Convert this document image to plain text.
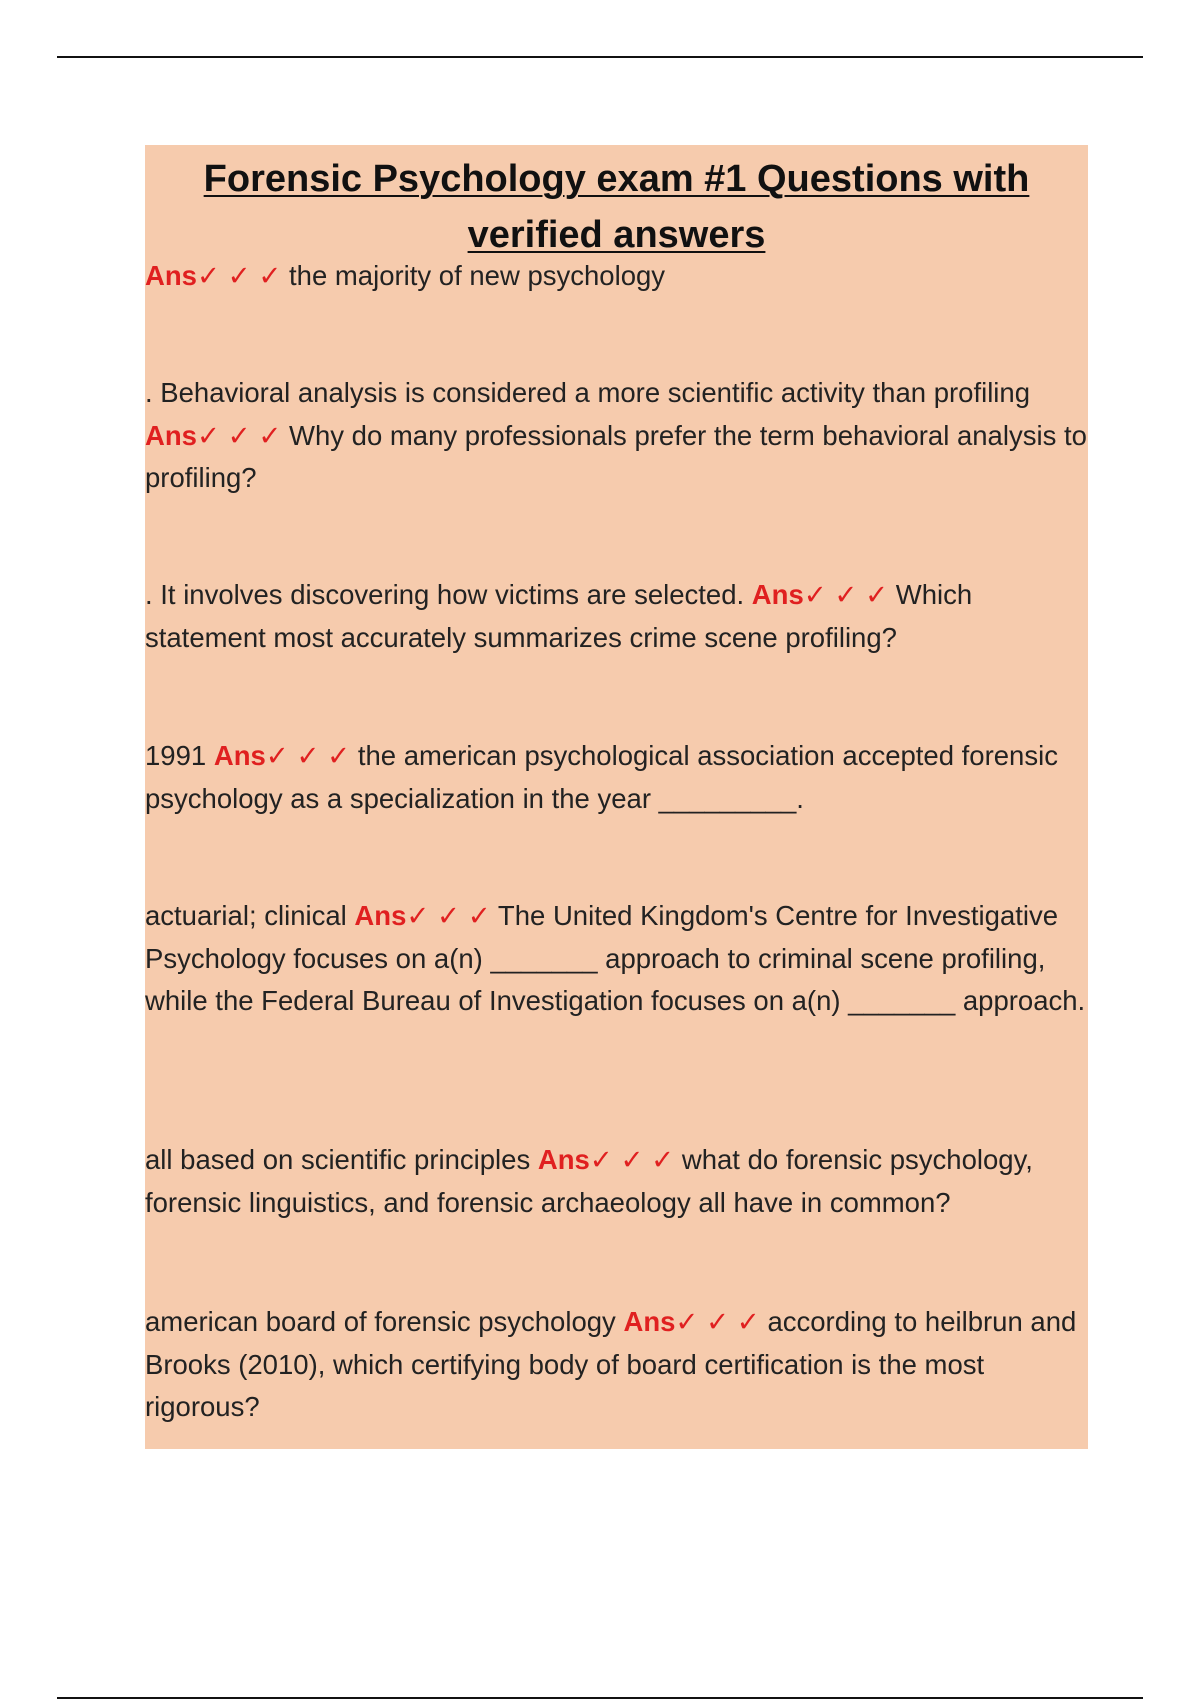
Forensic Psychology exam #1 Questions with
verified answers

Ans✓ ✓ ✓ the majority of new psychology

. Behavioral analysis is considered a more scientific activity than profiling Ans✓ ✓ ✓ Why do many professionals prefer the term behavioral analysis to profiling?

. It involves discovering how victims are selected. Ans✓ ✓ ✓ Which statement most accurately summarizes crime scene profiling?

1991 Ans✓ ✓ ✓ the american psychological association accepted forensic psychology as a specialization in the year _________.

actuarial; clinical Ans✓ ✓ ✓ The United Kingdom's Centre for Investigative Psychology focuses on a(n) _______ approach to criminal scene profiling, while the Federal Bureau of Investigation focuses on a(n) _______ approach.

all based on scientific principles Ans✓ ✓ ✓ what do forensic psychology, forensic linguistics, and forensic archaeology all have in common?

american board of forensic psychology Ans✓ ✓ ✓ according to heilbrun and Brooks (2010), which certifying body of board certification is the most rigorous?
